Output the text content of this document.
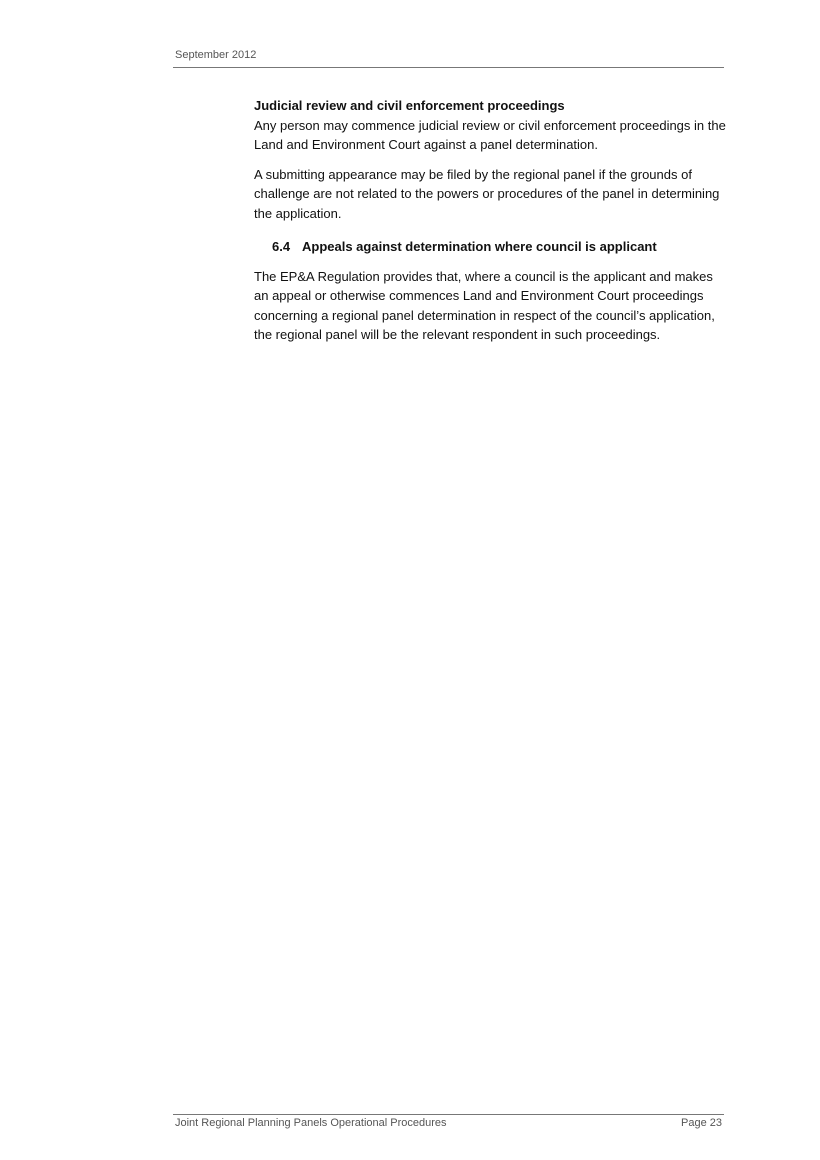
September 2012

Judicial review and civil enforcement proceedings

Any person may commence judicial review or civil enforcement proceedings in the Land and Environment Court against a panel determination.

A submitting appearance may be filed by the regional panel if the grounds of challenge are not related to the powers or procedures of the panel in determining the application.

6.4 Appeals against determination where council is applicant

The EP&A Regulation provides that, where a council is the applicant and makes an appeal or otherwise commences Land and Environment Court proceedings concerning a regional panel determination in respect of the council’s application, the regional panel will be the relevant respondent in such proceedings.

Joint Regional Planning Panels Operational Procedures	Page 23
